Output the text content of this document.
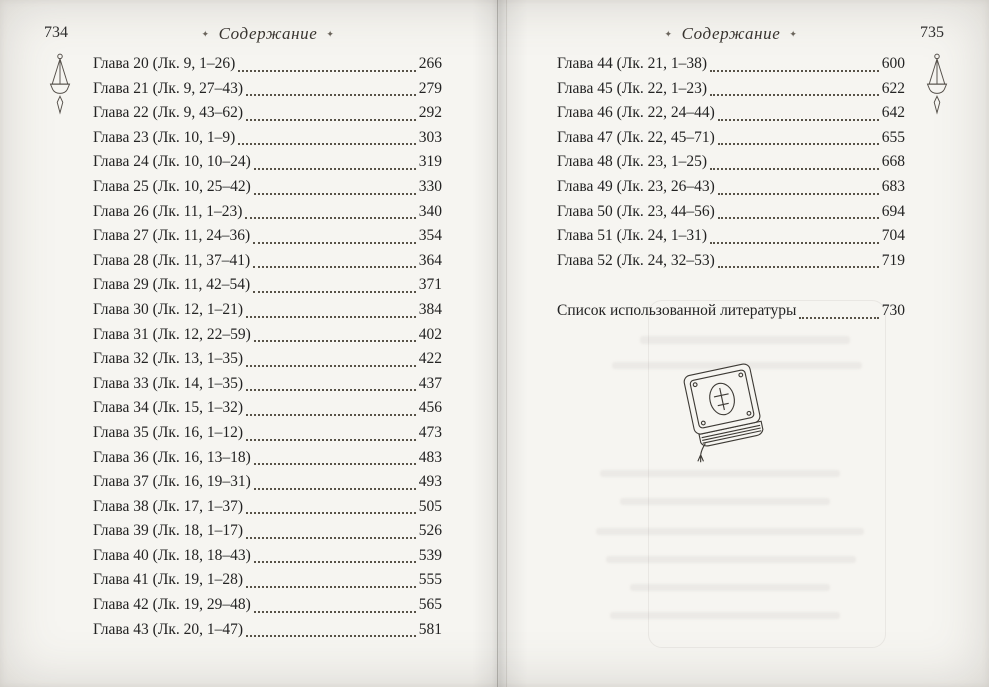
734	✦ Содержание ✦
Глава 20 (Лк. 9, 1–26)	266
Глава 21 (Лк. 9, 27–43)	279
Глава 22 (Лк. 9, 43–62)	292
Глава 23 (Лк. 10, 1–9)	303
Глава 24 (Лк. 10, 10–24)	319
Глава 25 (Лк. 10, 25–42)	330
Глава 26 (Лк. 11, 1–23)	340
Глава 27 (Лк. 11, 24–36)	354
Глава 28 (Лк. 11, 37–41)	364
Глава 29 (Лк. 11, 42–54)	371
Глава 30 (Лк. 12, 1–21)	384
Глава 31 (Лк. 12, 22–59)	402
Глава 32 (Лк. 13, 1–35)	422
Глава 33 (Лк. 14, 1–35)	437
Глава 34 (Лк. 15, 1–32)	456
Глава 35 (Лк. 16, 1–12)	473
Глава 36 (Лк. 16, 13–18)	483
Глава 37 (Лк. 16, 19–31)	493
Глава 38 (Лк. 17, 1–37)	505
Глава 39 (Лк. 18, 1–17)	526
Глава 40 (Лк. 18, 18–43)	539
Глава 41 (Лк. 19, 1–28)	555
Глава 42 (Лк. 19, 29–48)	565
Глава 43 (Лк. 20, 1–47)	581
735
✦ Содержание ✦
Глава 44 (Лк. 21, 1–38)	600
Глава 45 (Лк. 22, 1–23)	622
Глава 46 (Лк. 22, 24–44)	642
Глава 47 (Лк. 22, 45–71)	655
Глава 48 (Лк. 23, 1–25)	668
Глава 49 (Лк. 23, 26–43)	683
Глава 50 (Лк. 23, 44–56)	694
Глава 51 (Лк. 24, 1–31)	704
Глава 52 (Лк. 24, 32–53)	719
Список использованной литературы	730
